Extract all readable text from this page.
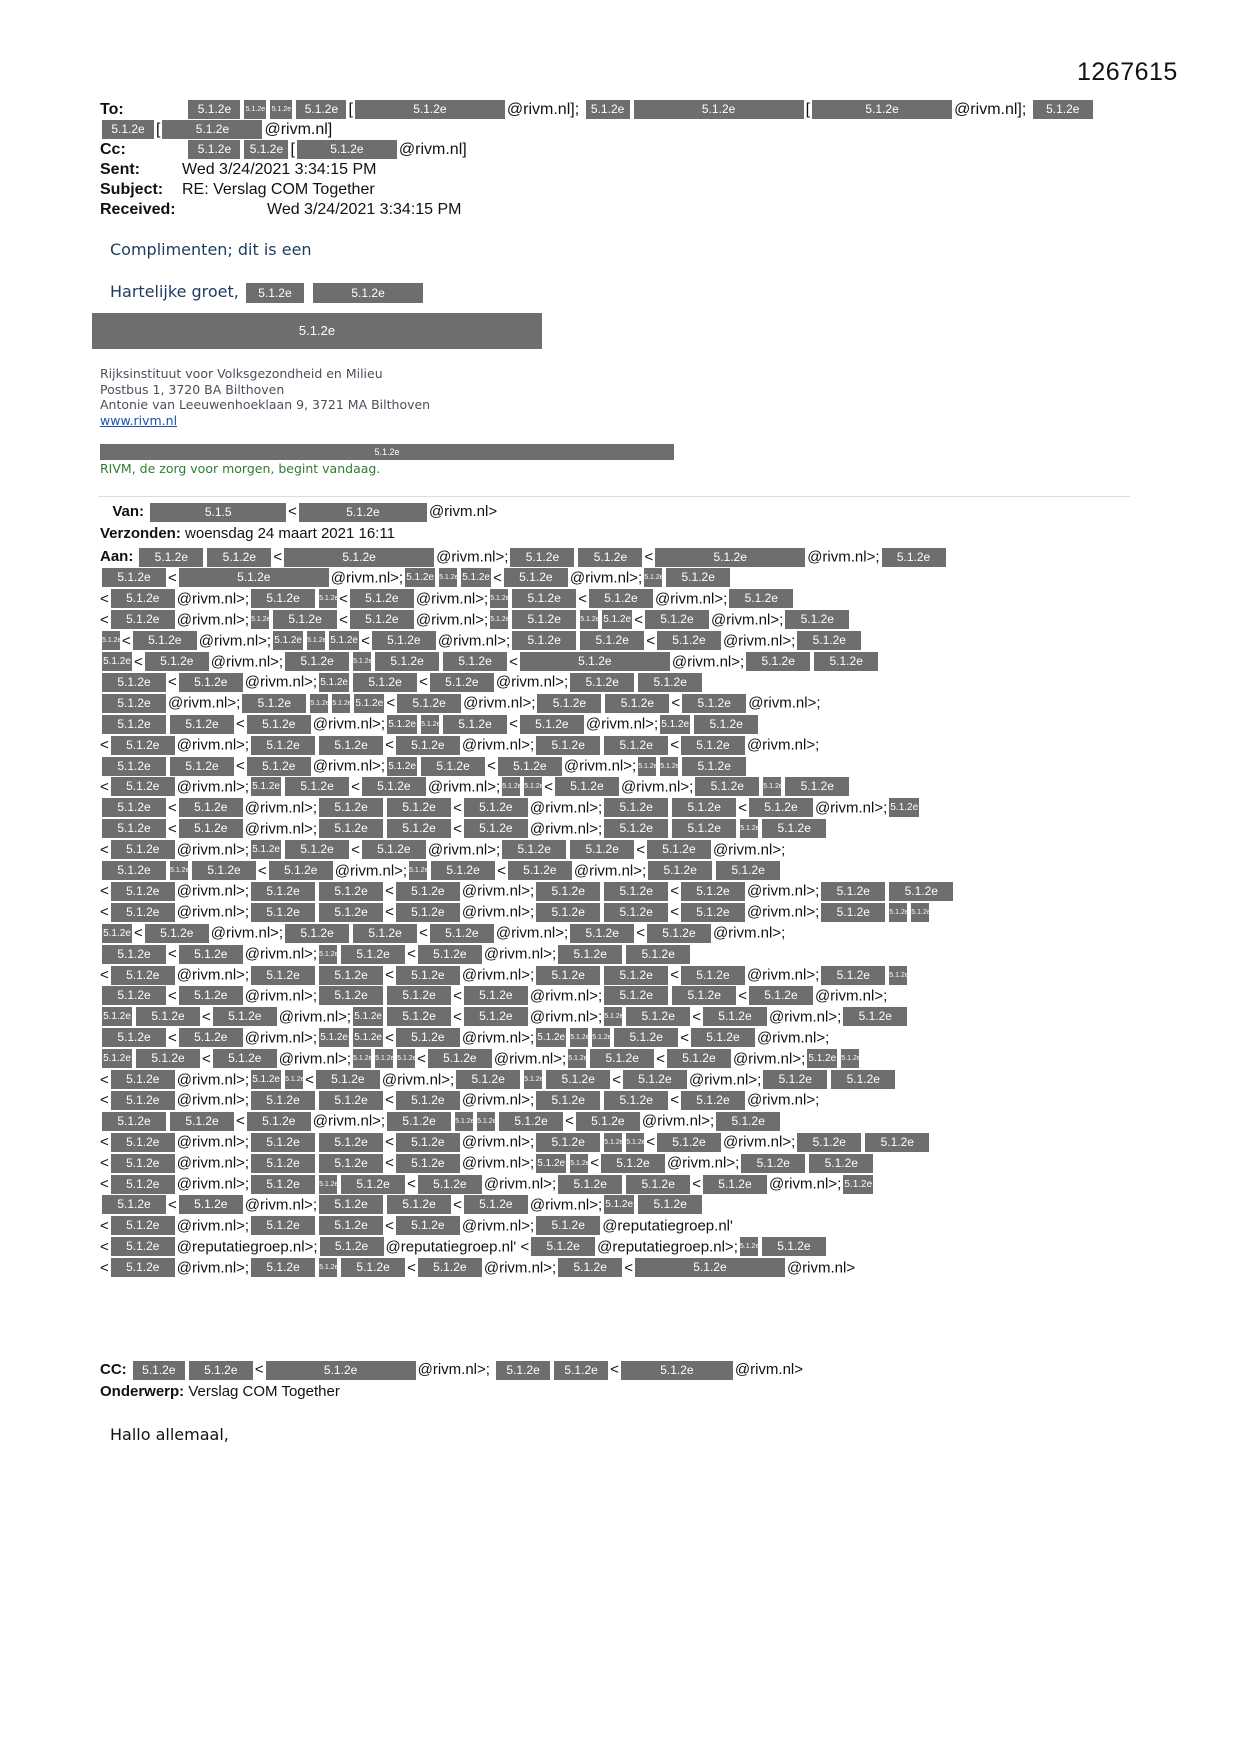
1267615
To:	5.1.2e 5.1.2e 5.1.2e 5.1.2e [	5.1.2e	@rivm.nl]; 5.1.2e	5.1.2e	[	5.1.2e	@rivm.nl]; 5.1.2e
5.1.2e [	5.1.2e @rivm.nl]
Cc:	5.1.2e 5.1.2e [	5.1.2e @rivm.nl]
Sent:	Wed 3/24/2021 3:34:15 PM
Subject: RE: Verslag COM Together
Received:	Wed 3/24/2021 3:34:15 PM
Complimenten; dit is een
Hartelijke groet, 5.1.2e	5.1.2e
5.1.2e
Rijksinstituut voor Volksgezondheid en Milieu
Postbus 1, 3720 BA Bilthoven
Antonie van Leeuwenhoeklaan 9, 3721 MA Bilthoven
www.rivm.nl
5.1.2e
RIVM, de zorg voor morgen, begint vandaag.
Van:	5.1.5	<	5.1.2e	@rivm.nl>
Verzonden: woensdag 24 maart 2021 16:11
Aan: 5.1.2e	5.1.2e <	5.1.2e	@rivm.nl>; 5.1.2e	5.1.2e <	5.1.2e	@rivm.nl>; 5.1.2e
5.1.2e <	5.1.2e	@rivm.nl>; 5.1.2e 5.1.2e 5.1.2e < 5.1.2e @rivm.nl>; 5.1.2e 5.1.2e
< 5.1.2e @rivm.nl>; 5.1.2e	5.1.2e< 5.1.2e @rivm.nl>; 5.1.2e 5.1.2e < 5.1.2e @rivm.nl>; 5.1.2e
< 5.1.2e @rivm.nl>; 5.1.2e 5.1.2e < 5.1.2e @rivm.nl>; 5.1.2e 5.1.2e	5.1.2e 5.1.2e < 5.1.2e @rivm.nl>; 5.1.2e
5.1.2e< 5.1.2e @rivm.nl>; 5.1.2e 5.1.2e 5.1.2e < 5.1.2e @rivm.nl>; 5.1.2e	5.1.2e < 5.1.2e @rivm.nl>; 5.1.2e
5.1.2e < 5.1.2e @rivm.nl>; 5.1.2e	5.1.2e 5.1.2e	5.1.2e <	5.1.2e	@rivm.nl>; 5.1.2e	5.1.2e
5.1.2e < 5.1.2e @rivm.nl>; 5.1.2e 5.1.2e < 5.1.2e @rivm.nl>; 5.1.2e	5.1.2e
5.1.2e @rivm.nl>; 5.1.2e	5.1.2e 5.1.2e 5.1.2e < 5.1.2e @rivm.nl>; 5.1.2e	5.1.2e < 5.1.2e @rivm.nl>;
5.1.2e	5.1.2e < 5.1.2e @rivm.nl>; 5.1.2e 5.1.2e 5.1.2e < 5.1.2e @rivm.nl>; 5.1.2e 5.1.2e
< 5.1.2e @rivm.nl>; 5.1.2e	5.1.2e < 5.1.2e @rivm.nl>; 5.1.2e	5.1.2e < 5.1.2e @rivm.nl>;
5.1.2e	5.1.2e < 5.1.2e @rivm.nl>; 5.1.2e 5.1.2e < 5.1.2e @rivm.nl>; 5.1.2e 5.1.2e 5.1.2e
< 5.1.2e @rivm.nl>; 5.1.2e 5.1.2e < 5.1.2e @rivm.nl>; 5.1.2e 5.1.2e< 5.1.2e @rivm.nl>; 5.1.2e	5.1.2e 5.1.2e
5.1.2e < 5.1.2e @rivm.nl>; 5.1.2e	5.1.2e < 5.1.2e @rivm.nl>; 5.1.2e	5.1.2e < 5.1.2e @rivm.nl>; 5.1.2e
5.1.2e < 5.1.2e @rivm.nl>; 5.1.2e	5.1.2e < 5.1.2e @rivm.nl>; 5.1.2e	5.1.2e	5.1.2e 5.1.2e
< 5.1.2e @rivm.nl>; 5.1.2e 5.1.2e < 5.1.2e @rivm.nl>; 5.1.2e	5.1.2e < 5.1.2e @rivm.nl>;
5.1.2e	5.1.2e 5.1.2e < 5.1.2e @rivm.nl>; 5.1.2e 5.1.2e < 5.1.2e @rivm.nl>; 5.1.2e	5.1.2e
< 5.1.2e @rivm.nl>; 5.1.2e	5.1.2e < 5.1.2e @rivm.nl>; 5.1.2e	5.1.2e < 5.1.2e @rivm.nl>; 5.1.2e	5.1.2e
< 5.1.2e @rivm.nl>; 5.1.2e	5.1.2e < 5.1.2e @rivm.nl>; 5.1.2e	5.1.2e < 5.1.2e @rivm.nl>; 5.1.2e	5.1.2e 5.1.2e
5.1.2e < 5.1.2e @rivm.nl>; 5.1.2e	5.1.2e < 5.1.2e @rivm.nl>; 5.1.2e < 5.1.2e @rivm.nl>;
5.1.2e < 5.1.2e @rivm.nl>; 5.1.2e 5.1.2e < 5.1.2e @rivm.nl>; 5.1.2e	5.1.2e
< 5.1.2e @rivm.nl>; 5.1.2e	5.1.2e < 5.1.2e @rivm.nl>; 5.1.2e	5.1.2e < 5.1.2e @rivm.nl>; 5.1.2e	5.1.2e
5.1.2e < 5.1.2e @rivm.nl>; 5.1.2e	5.1.2e < 5.1.2e @rivm.nl>; 5.1.2e	5.1.2e < 5.1.2e @rivm.nl>;
5.1.2e 5.1.2e < 5.1.2e @rivm.nl>; 5.1.2e 5.1.2e < 5.1.2e @rivm.nl>; 5.1.2e 5.1.2e < 5.1.2e @rivm.nl>; 5.1.2e
5.1.2e < 5.1.2e @rivm.nl>; 5.1.2e 5.1.2e < 5.1.2e @rivm.nl>; 5.1.2e 5.1.2e 5.1.2e 5.1.2e < 5.1.2e @rivm.nl>;
5.1.2e 5.1.2e < 5.1.2e @rivm.nl>; 5.1.2e 5.1.2e 5.1.2e< 5.1.2e @rivm.nl>; 5.1.2e 5.1.2e < 5.1.2e @rivm.nl>; 5.1.2e 5.1.2e
< 5.1.2e @rivm.nl>; 5.1.2e 5.1.2e< 5.1.2e @rivm.nl>; 5.1.2e	5.1.2e 5.1.2e < 5.1.2e @rivm.nl>; 5.1.2e	5.1.2e
< 5.1.2e @rivm.nl>; 5.1.2e	5.1.2e < 5.1.2e @rivm.nl>; 5.1.2e	5.1.2e < 5.1.2e @rivm.nl>;
5.1.2e	5.1.2e < 5.1.2e @rivm.nl>; 5.1.2e	5.1.2e 5.1.2e 5.1.2e < 5.1.2e @rivm.nl>; 5.1.2e
< 5.1.2e @rivm.nl>; 5.1.2e	5.1.2e < 5.1.2e @rivm.nl>; 5.1.2e	5.1.2e 5.1.2e< 5.1.2e @rivm.nl>; 5.1.2e	5.1.2e
< 5.1.2e @rivm.nl>; 5.1.2e	5.1.2e < 5.1.2e @rivm.nl>; 5.1.2e 5.1.2e< 5.1.2e @rivm.nl>; 5.1.2e	5.1.2e
< 5.1.2e @rivm.nl>; 5.1.2e	5.1.2e 5.1.2e < 5.1.2e @rivm.nl>; 5.1.2e	5.1.2e < 5.1.2e @rivm.nl>; 5.1.2e
5.1.2e < 5.1.2e @rivm.nl>; 5.1.2e	5.1.2e < 5.1.2e @rivm.nl>; 5.1.2e 5.1.2e
< 5.1.2e @rivm.nl>; 5.1.2e	5.1.2e < 5.1.2e @rivm.nl>; 5.1.2e @reputatiegroep.nl'
< 5.1.2e @reputatiegroep.nl>; 5.1.2e @reputatiegroep.nl' < 5.1.2e @reputatiegroep.nl>; 5.1.2e 5.1.2e
< 5.1.2e @rivm.nl>; 5.1.2e	5.1.2e 5.1.2e < 5.1.2e @rivm.nl>; 5.1.2e <	5.1.2e	@rivm.nl>
CC: 5.1.2e 5.1.2e <	5.1.2e	@rivm.nl>; 5.1.2e 5.1.2e <	5.1.2e	@rivm.nl>
Onderwerp: Verslag COM Together
Hallo allemaal,
